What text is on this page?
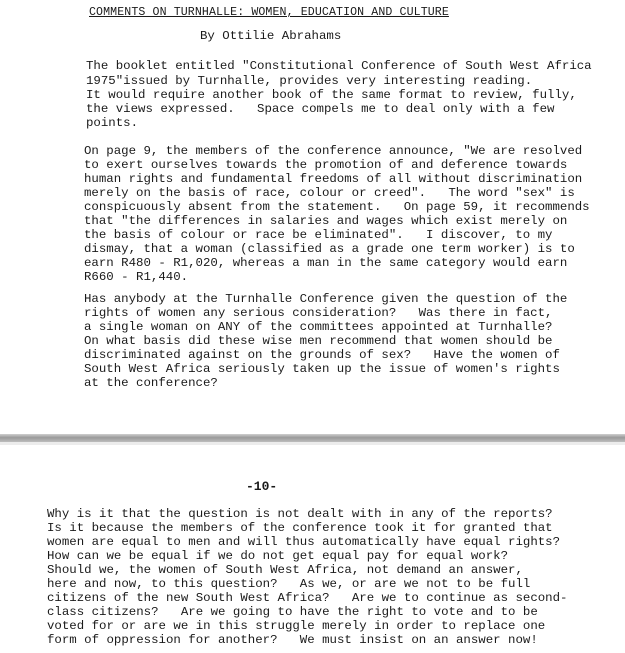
COMMENTS ON TURNHALLE: WOMEN, EDUCATION AND CULTURE
By Ottilie Abrahams
The booklet entitled "Constitutional Conference of South West Africa
1975"issued by Turnhalle, provides very interesting reading.
It would require another book of the same format to review, fully,
the views expressed.   Space compels me to deal only with a few
points.
On page 9, the members of the conference announce, "We are resolved
to exert ourselves towards the promotion of and deference towards
human rights and fundamental freedoms of all without discrimination
merely on the basis of race, colour or creed".   The word "sex" is
conspicuously absent from the statement.   On page 59, it recommends
that "the differences in salaries and wages which exist merely on
the basis of colour or race be eliminated".   I discover, to my
dismay, that a woman (classified as a grade one term worker) is to
earn R480 - R1,020, whereas a man in the same category would earn
R660 - R1,440.
Has anybody at the Turnhalle Conference given the question of the
rights of women any serious consideration?   Was there in fact,
a single woman on ANY of the committees appointed at Turnhalle?
On what basis did these wise men recommend that women should be
discriminated against on the grounds of sex?   Have the women of
South West Africa seriously taken up the issue of women's rights
at the conference?
-10-
Why is it that the question is not dealt with in any of the reports?
Is it because the members of the conference took it for granted that
women are equal to men and will thus automatically have equal rights?
How can we be equal if we do not get equal pay for equal work?
Should we, the women of South West Africa, not demand an answer,
here and now, to this question?   As we, or are we not to be full
citizens of the new South West Africa?   Are we to continue as second-
class citizens?   Are we going to have the right to vote and to be
voted for or are we in this struggle merely in order to replace one
form of oppression for another?   We must insist on an answer now!
